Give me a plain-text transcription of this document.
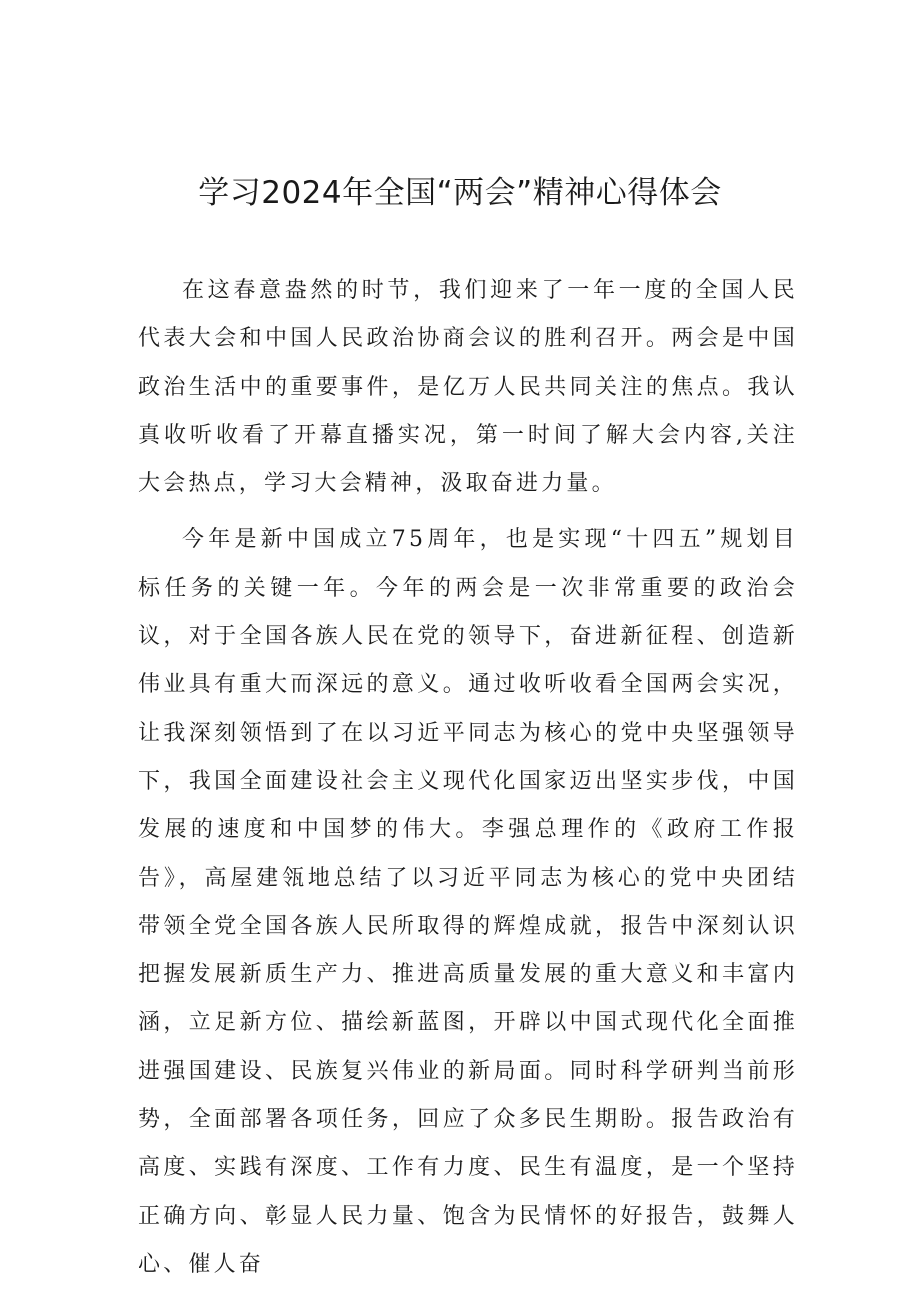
学习2024年全国“两会”精神心得体会

在这春意盎然的时节，我们迎来了一年一度的全国人民代表大会和中国人民政治协商会议的胜利召开。两会是中国政治生活中的重要事件，是亿万人民共同关注的焦点。我认真收听收看了开幕直播实况，第一时间了解大会内容,关注大会热点，学习大会精神，汲取奋进力量。

今年是新中国成立75周年，也是实现“十四五”规划目标任务的关键一年。今年的两会是一次非常重要的政治会议，对于全国各族人民在党的领导下，奋进新征程、创造新伟业具有重大而深远的意义。通过收听收看全国两会实况，让我深刻领悟到了在以习近平同志为核心的党中央坚强领导下，我国全面建设社会主义现代化国家迈出坚实步伐，中国发展的速度和中国梦的伟大。李强总理作的《政府工作报告》，高屋建瓴地总结了以习近平同志为核心的党中央团结带领全党全国各族人民所取得的辉煌成就，报告中深刻认识把握发展新质生产力、推进高质量发展的重大意义和丰富内涵，立足新方位、描绘新蓝图，开辟以中国式现代化全面推进强国建设、民族复兴伟业的新局面。同时科学研判当前形势，全面部署各项任务，回应了众多民生期盼。报告政治有高度、实践有深度、工作有力度、民生有温度，是一个坚持正确方向、彰显人民力量、饱含为民情怀的好报告，鼓舞人心、催人奋
